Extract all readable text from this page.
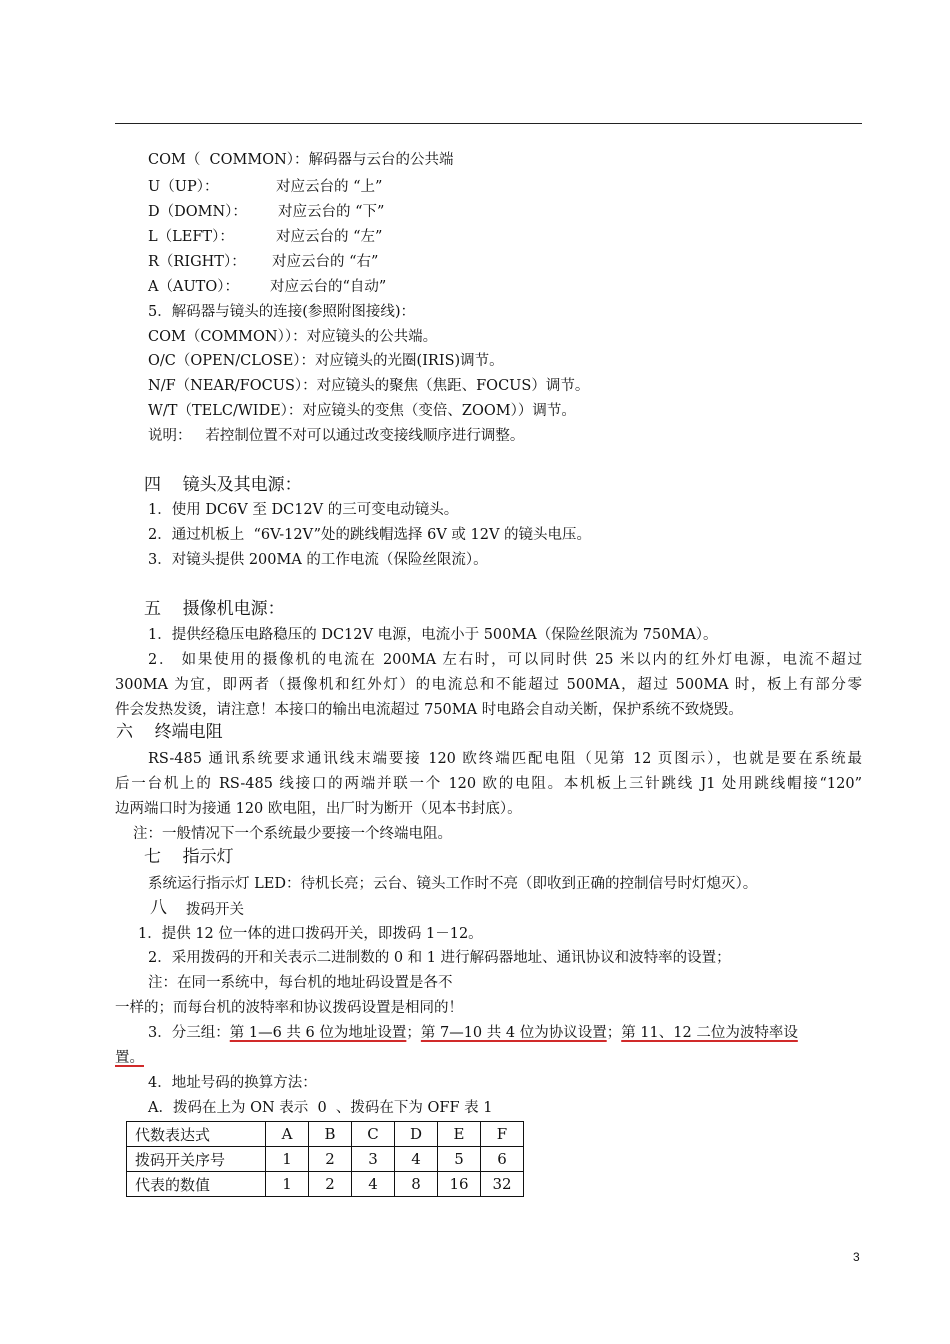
COM（  COMMON）：解码器与云台的公共端
U（UP）：	对应云台的 “上”
D（DOMN）： 对应云台的 “下”
L（LEFT）：	对应云台的 “左”
R（RIGHT）： 对应云台的 “右”
A（AUTO）： 对应云台的“自动”
5．解码器与镜头的连接(参照附图接线)：
COM（COMMON））：对应镜头的公共端。
O/C（OPEN/CLOSE）：对应镜头的光圈(IRIS)调节。
N/F（NEAR/FOCUS）：对应镜头的聚焦（焦距、FOCUS）调节。
W/T（TELC/WIDE）：对应镜头的变焦（变倍、ZOOM））调节。
说明：   若控制位置不对可以通过改变接线顺序进行调整。
四    镜头及其电源：
1．使用 DC6V 至 DC12V 的三可变电动镜头。
2．通过机板上  “6V-12V”处的跳线帽选择 6V 或 12V 的镜头电压。
3．对镜头提供 200MA 的工作电流（保险丝限流）。
五    摄像机电源：
1．提供经稳压电路稳压的 DC12V 电源，电流小于 500MA（保险丝限流为 750MA）。
2． 如果使用的摄像机的电流在 200MA 左右时，可以同时供 25 米以内的红外灯电源，电流不超过
300MA 为宜，即两者（摄像机和红外灯）的电流总和不能超过 500MA，超过 500MA 时，板上有部分零
件会发热发烫，请注意！本接口的输出电流超过 750MA 时电路会自动关断，保护系统不致烧毁。
六    终端电阻
RS-485 通讯系统要求通讯线末端要接 120 欧终端匹配电阻（见第 12 页图示），也就是要在系统最
后一台机上的 RS-485 线接口的两端并联一个 120 欧的电阻。本机板上三针跳线 J1 处用跳线帽接“120”
边两端口时为接通 120 欧电阻，出厂时为断开（见本书封底）。
注：一般情况下一个系统最少要接一个终端电阻。
七    指示灯
系统运行指示灯 LED：待机长亮；云台、镜头工作时不亮（即收到正确的控制信号时灯熄灭）。
八 拨码开关
1．提供 12 位一体的进口拨码开关，即拨码 1－12。
2．采用拨码的开和关表示二进制数的 0 和 1 进行解码器地址、通讯协议和波特率的设置；
注：在同一系统中，每台机的地址码设置是各不
一样的；而每台机的波特率和协议拨码设置是相同的！
3．分三组：第 1—6 共 6 位为地址设置；第 7—10 共 4 位为协议设置；第 11、12 二位为波特率设
置。
4．地址号码的换算方法：
A．拨码在上为 ON 表示  0  、拨码在下为 OFF 表 1
代数表达式	A	B	C	D	E	F
拨码开关序号	1	2	3	4	5	6
代表的数值	1	2	4	8	16	32
3
